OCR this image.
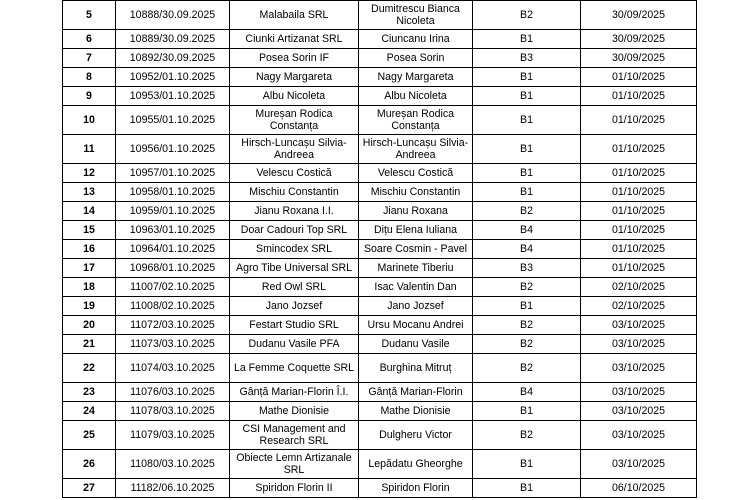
5	10888/30.09.2025	Malabaila SRL	Dumitrescu Bianca Nicoleta	B2	30/09/2025
6	10889/30.09.2025	Ciunki Artizanat SRL	Ciuncanu Irina	B1	30/09/2025
7	10892/30.09.2025	Posea Sorin IF	Posea Sorin	B3	30/09/2025
8	10952/01.10.2025	Nagy Margareta	Nagy Margareta	B1	01/10/2025
9	10953/01.10.2025	Albu Nicoleta	Albu Nicoleta	B1	01/10/2025
10	10955/01.10.2025	Mureșan Rodica Constanța	Mureșan Rodica Constanța	B1	01/10/2025
11	10956/01.10.2025	Hirsch-Luncașu Silvia-Andreea	Hirsch-Luncașu Silvia-Andreea	B1	01/10/2025
12	10957/01.10.2025	Velescu Costică	Velescu Costică	B1	01/10/2025
13	10958/01.10.2025	Mischiu Constantin	Mischiu Constantin	B1	01/10/2025
14	10959/01.10.2025	Jianu Roxana I.I.	Jianu Roxana	B2	01/10/2025
15	10963/01.10.2025	Doar Cadouri Top SRL	Dițu Elena Iuliana	B4	01/10/2025
16	10964/01.10.2025	Smincodex SRL	Soare Cosmin - Pavel	B4	01/10/2025
17	10968/01.10.2025	Agro Tibe Universal SRL	Marinete Tiberiu	B3	01/10/2025
18	11007/02.10.2025	Red Owl SRL	Isac Valentin Dan	B2	02/10/2025
19	11008/02.10.2025	Jano Jozsef	Jano Jozsef	B1	02/10/2025
20	11072/03.10.2025	Festart Studio SRL	Ursu Mocanu Andrei	B2	03/10/2025
21	11073/03.10.2025	Dudanu Vasile PFA	Dudanu Vasile	B2	03/10/2025
22	11074/03.10.2025	La Femme Coquette SRL	Burghina Mitruț	B2	03/10/2025
23	11076/03.10.2025	Gânță Marian-Florin Î.I.	Gânță Marian-Florin	B4	03/10/2025
24	11078/03.10.2025	Mathe Dionisie	Mathe Dionisie	B1	03/10/2025
25	11079/03.10.2025	CSI Management and Research SRL	Dulgheru Victor	B2	03/10/2025
26	11080/03.10.2025	Obiecte Lemn Artizanale SRL	Lepădatu Gheorghe	B1	03/10/2025
27	11182/06.10.2025	Spiridon Florin II	Spiridon Florin	B1	06/10/2025
